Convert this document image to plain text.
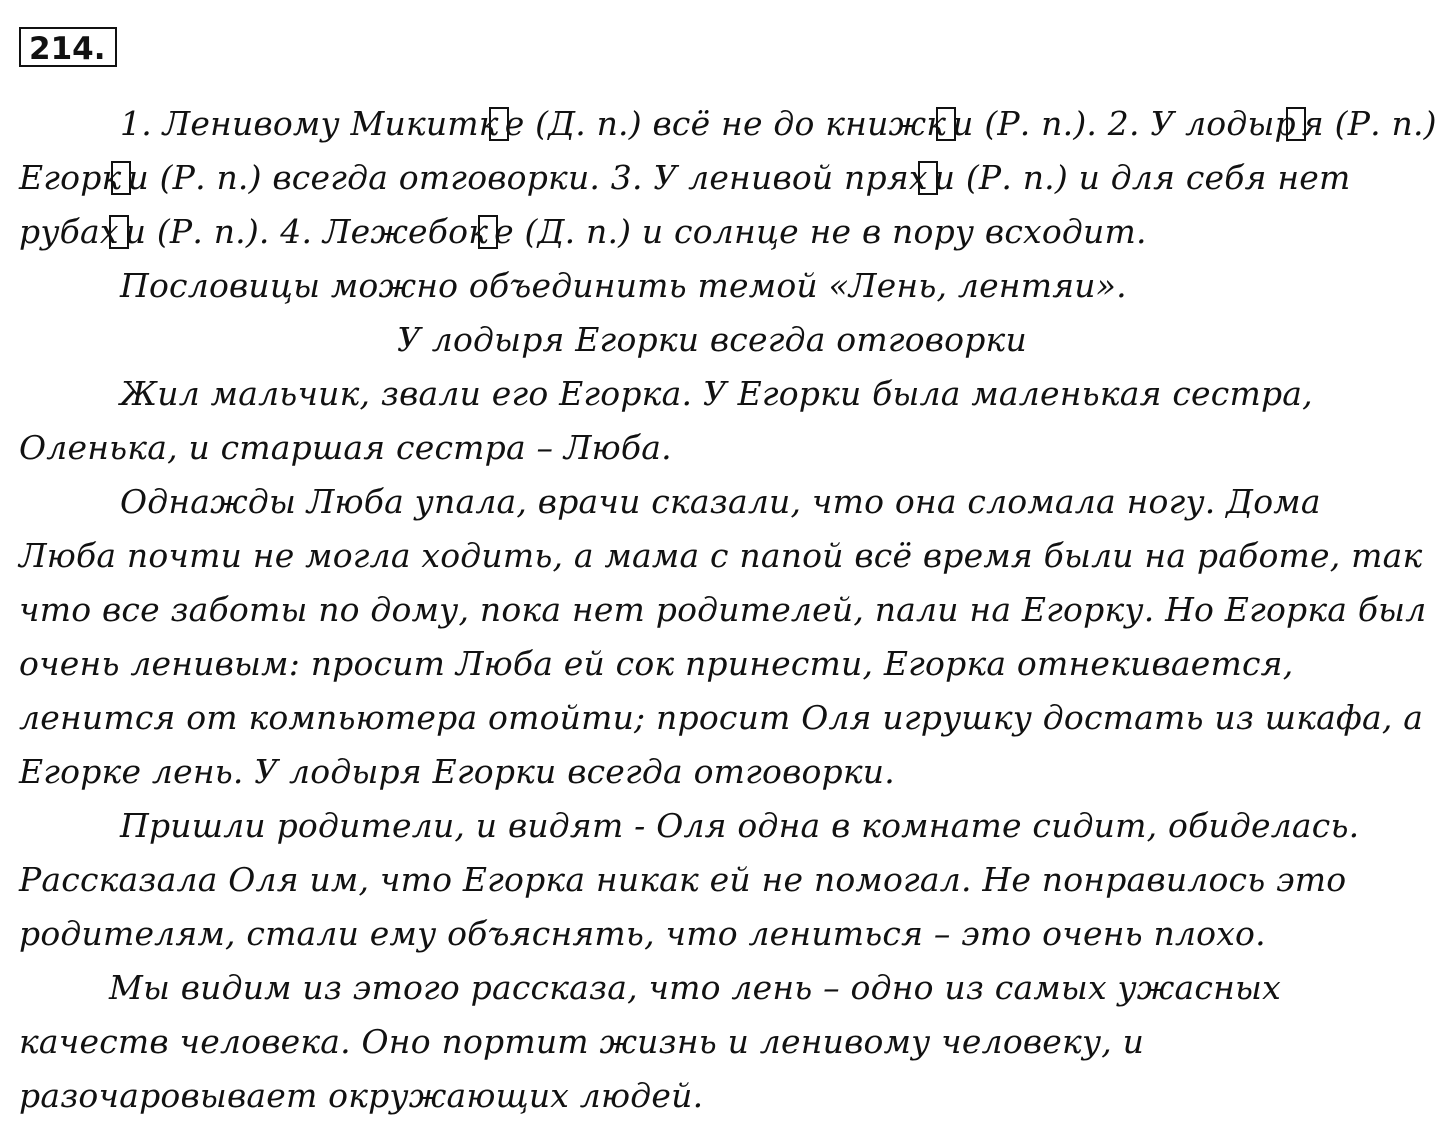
214.
1. Ленивому Микитк е (Д. п.) всё не до книжк и (Р. п.). 2. У лодыр я (Р. п.)
Егорк и (Р. п.) всегда отговорки. 3. У ленивой прях и (Р. п.) и для себя нет
рубах и (Р. п.). 4. Лежебок е (Д. п.) и солнце не в пору всходит.
Пословицы можно объединить темой «Лень, лентяи».
У лодыря Егорки всегда отговорки
Жил мальчик, звали его Егорка. У Егорки была маленькая сестра,
Оленька, и старшая сестра – Люба.
Однажды Люба упала, врачи сказали, что она сломала ногу. Дома
Люба почти не могла ходить, а мама с папой всё время были на работе, так
что все заботы по дому, пока нет родителей, пали на Егорку. Но Егорка был
очень ленивым: просит Люба ей сок принести, Егорка отнекивается,
ленится от компьютера отойти; просит Оля игрушку достать из шкафа, а
Егорке лень. У лодыря Егорки всегда отговорки.
Пришли родители, и видят - Оля одна в комнате сидит, обиделась.
Рассказала Оля им, что Егорка никак ей не помогал. Не понравилось это
родителям, стали ему объяснять, что лениться – это очень плохо.
Мы видим из этого рассказа, что лень – одно из самых ужасных
качеств человека. Оно портит жизнь и ленивому человеку, и
разочаровывает окружающих людей.
